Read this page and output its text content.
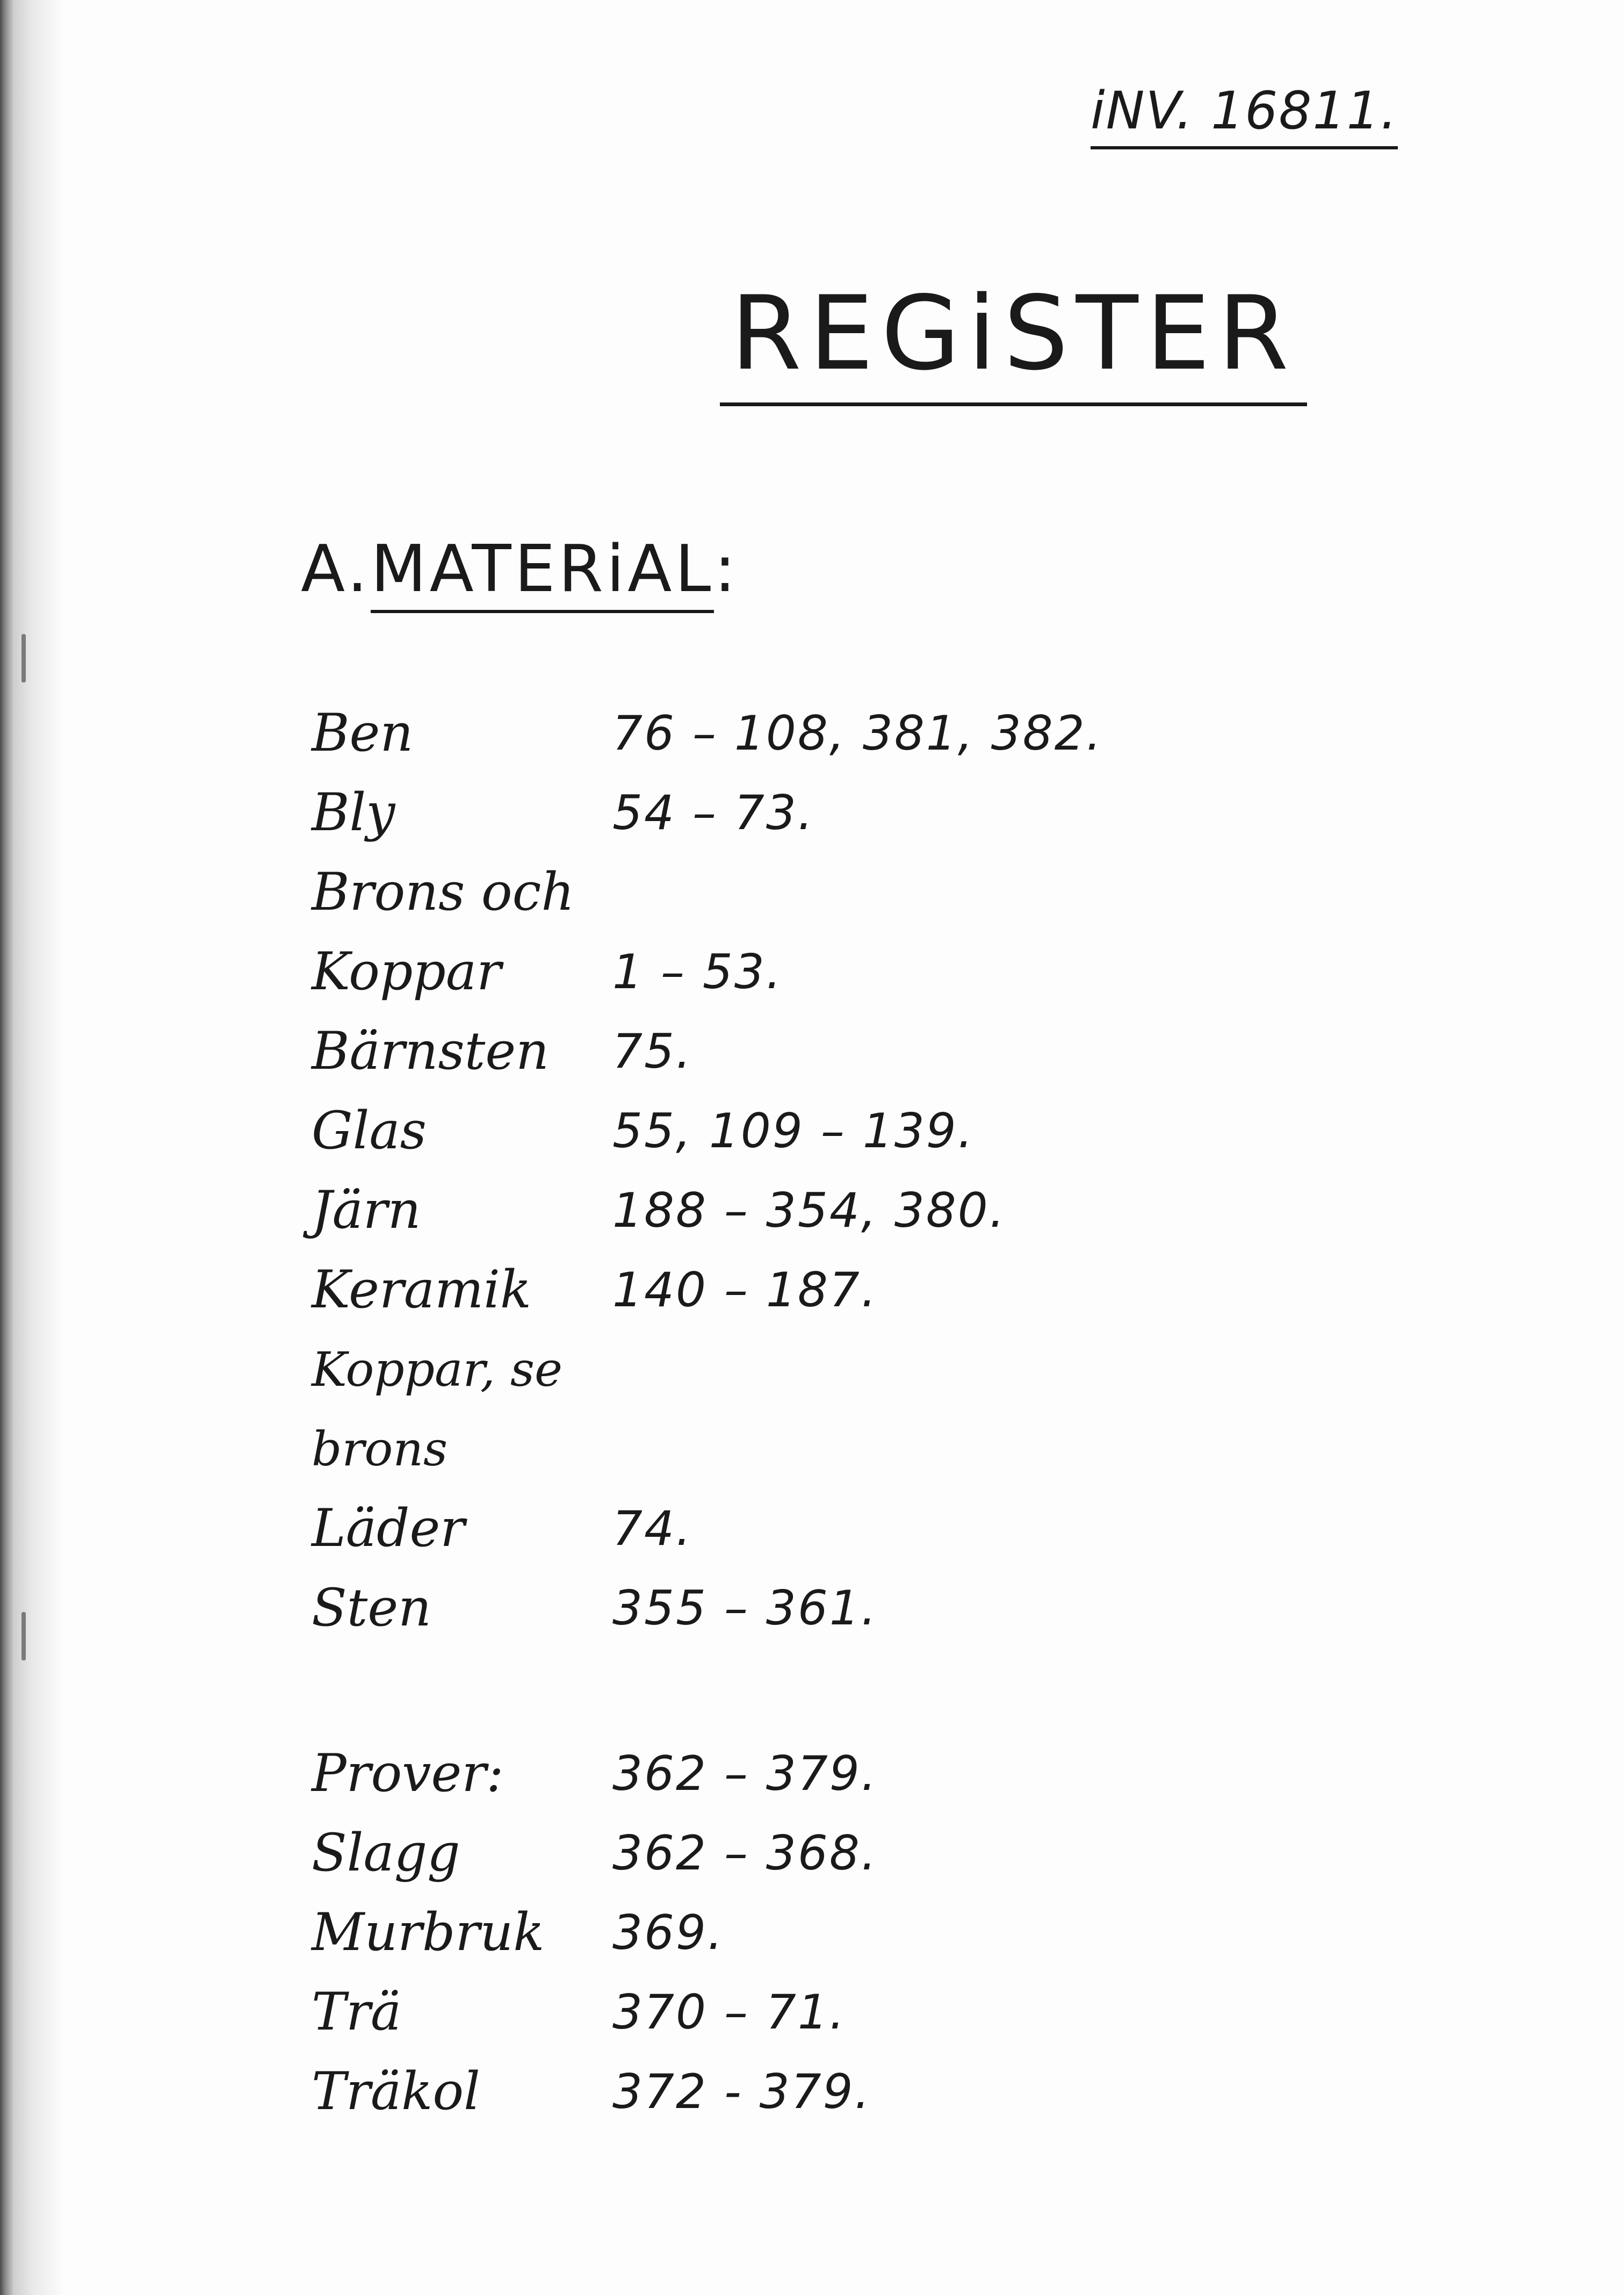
iNV. 16811.
REGiSTER
A.MATERiAL:
Ben	76 – 108, 381, 382.
Bly	54 – 73.
Brons och
Koppar	1 – 53.
Bärnsten	75.
Glas	55, 109 – 139.
Järn	188 – 354, 380.
Keramik	140 – 187.
Koppar, se
brons
Läder	74.
Sten	355 – 361.
Prover:	362 – 379.
Slagg	362 – 368.
Murbruk	369.
Trä	370 – 71.
Träkol	372 - 379.
